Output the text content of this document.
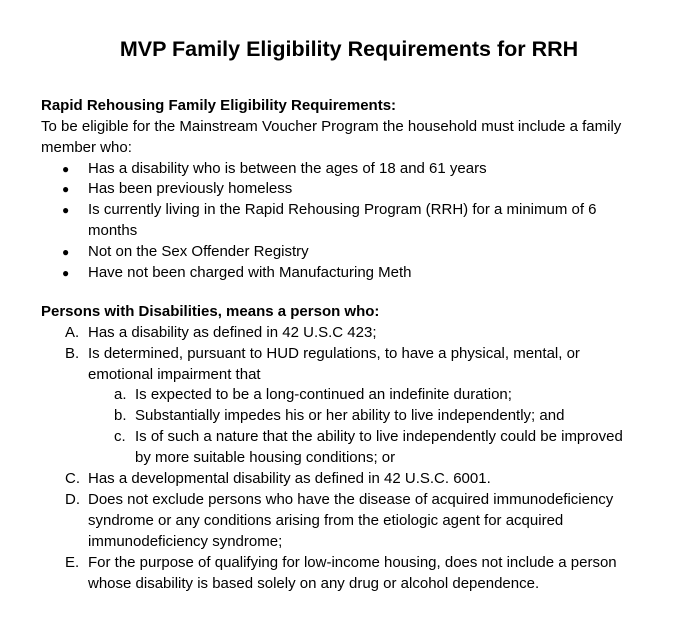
MVP Family Eligibility Requirements for RRH
Rapid Rehousing Family Eligibility Requirements:
To be eligible for the Mainstream Voucher Program the household must include a family
member who:
● Has a disability who is between the ages of 18 and 61 years
● Has been previously homeless
● Is currently living in the Rapid Rehousing Program (RRH) for a minimum of 6
months
● Not on the Sex Offender Registry
● Have not been charged with Manufacturing Meth
Persons with Disabilities, means a person who:
A. Has a disability as defined in 42 U.S.C 423;
B. Is determined, pursuant to HUD regulations, to have a physical, mental, or
emotional impairment that
a. Is expected to be a long-continued an indefinite duration;
b. Substantially impedes his or her ability to live independently; and
c. Is of such a nature that the ability to live independently could be improved
by more suitable housing conditions; or
C. Has a developmental disability as defined in 42 U.S.C. 6001.
D. Does not exclude persons who have the disease of acquired immunodeficiency
syndrome or any conditions arising from the etiologic agent for acquired
immunodeficiency syndrome;
E. For the purpose of qualifying for low-income housing, does not include a person
whose disability is based solely on any drug or alcohol dependence.
